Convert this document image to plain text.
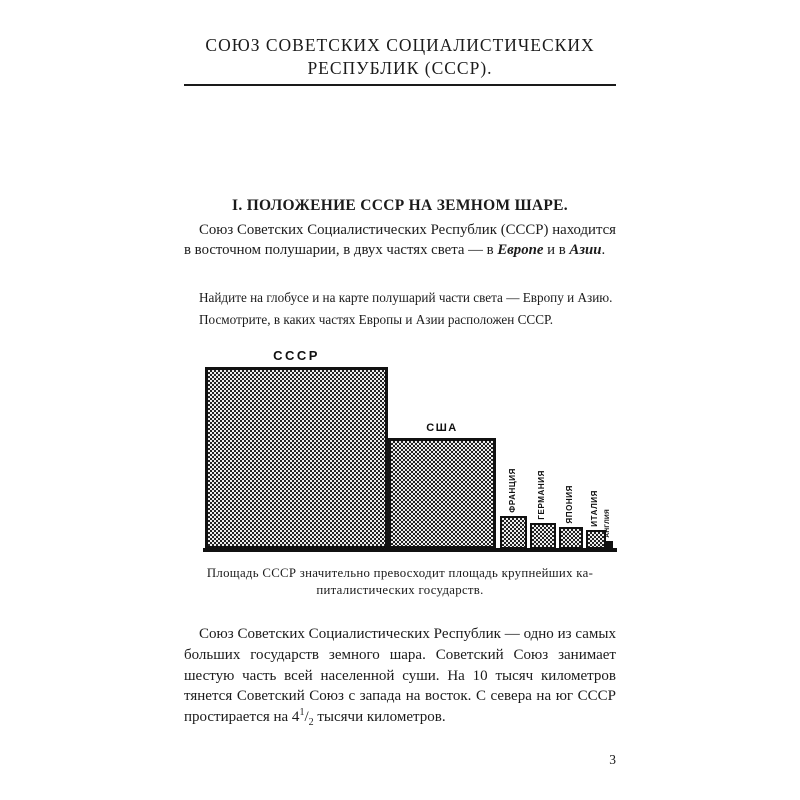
СОЮЗ СОВЕТСКИХ СОЦИАЛИСТИЧЕСКИХ
РЕСПУБЛИК (СССР).
I. ПОЛОЖЕНИЕ СССР НА ЗЕМНОМ ШАРЕ.
Союз Советских Социалистических Республик (СССР) находится в восточном полушарии, в двух частях света — в Европе и в Азии.

Найдите на глобусе и на карте полушарий части света — Европу и Азию.

Посмотрите, в каких частях Европы и Азии расположен СССР.

СССР
США
ФРАНЦИЯ	ГЕРМАНИЯ ЯПОНИЯ ИТАЛИЯ АНГЛИЯ
Площадь СССР значительно превосходит площадь крупнейших ка-
питалистических государств.
Союз Советских Социалистических Республик — одно из самых больших государств земного шара. Советский Союз занимает шестую часть всей населенной суши. На 10 тысяч километров тянется Советский Союз с запада на восток. С севера на юг СССР простирается на $4^1/_2$ тысячи километров.
3
